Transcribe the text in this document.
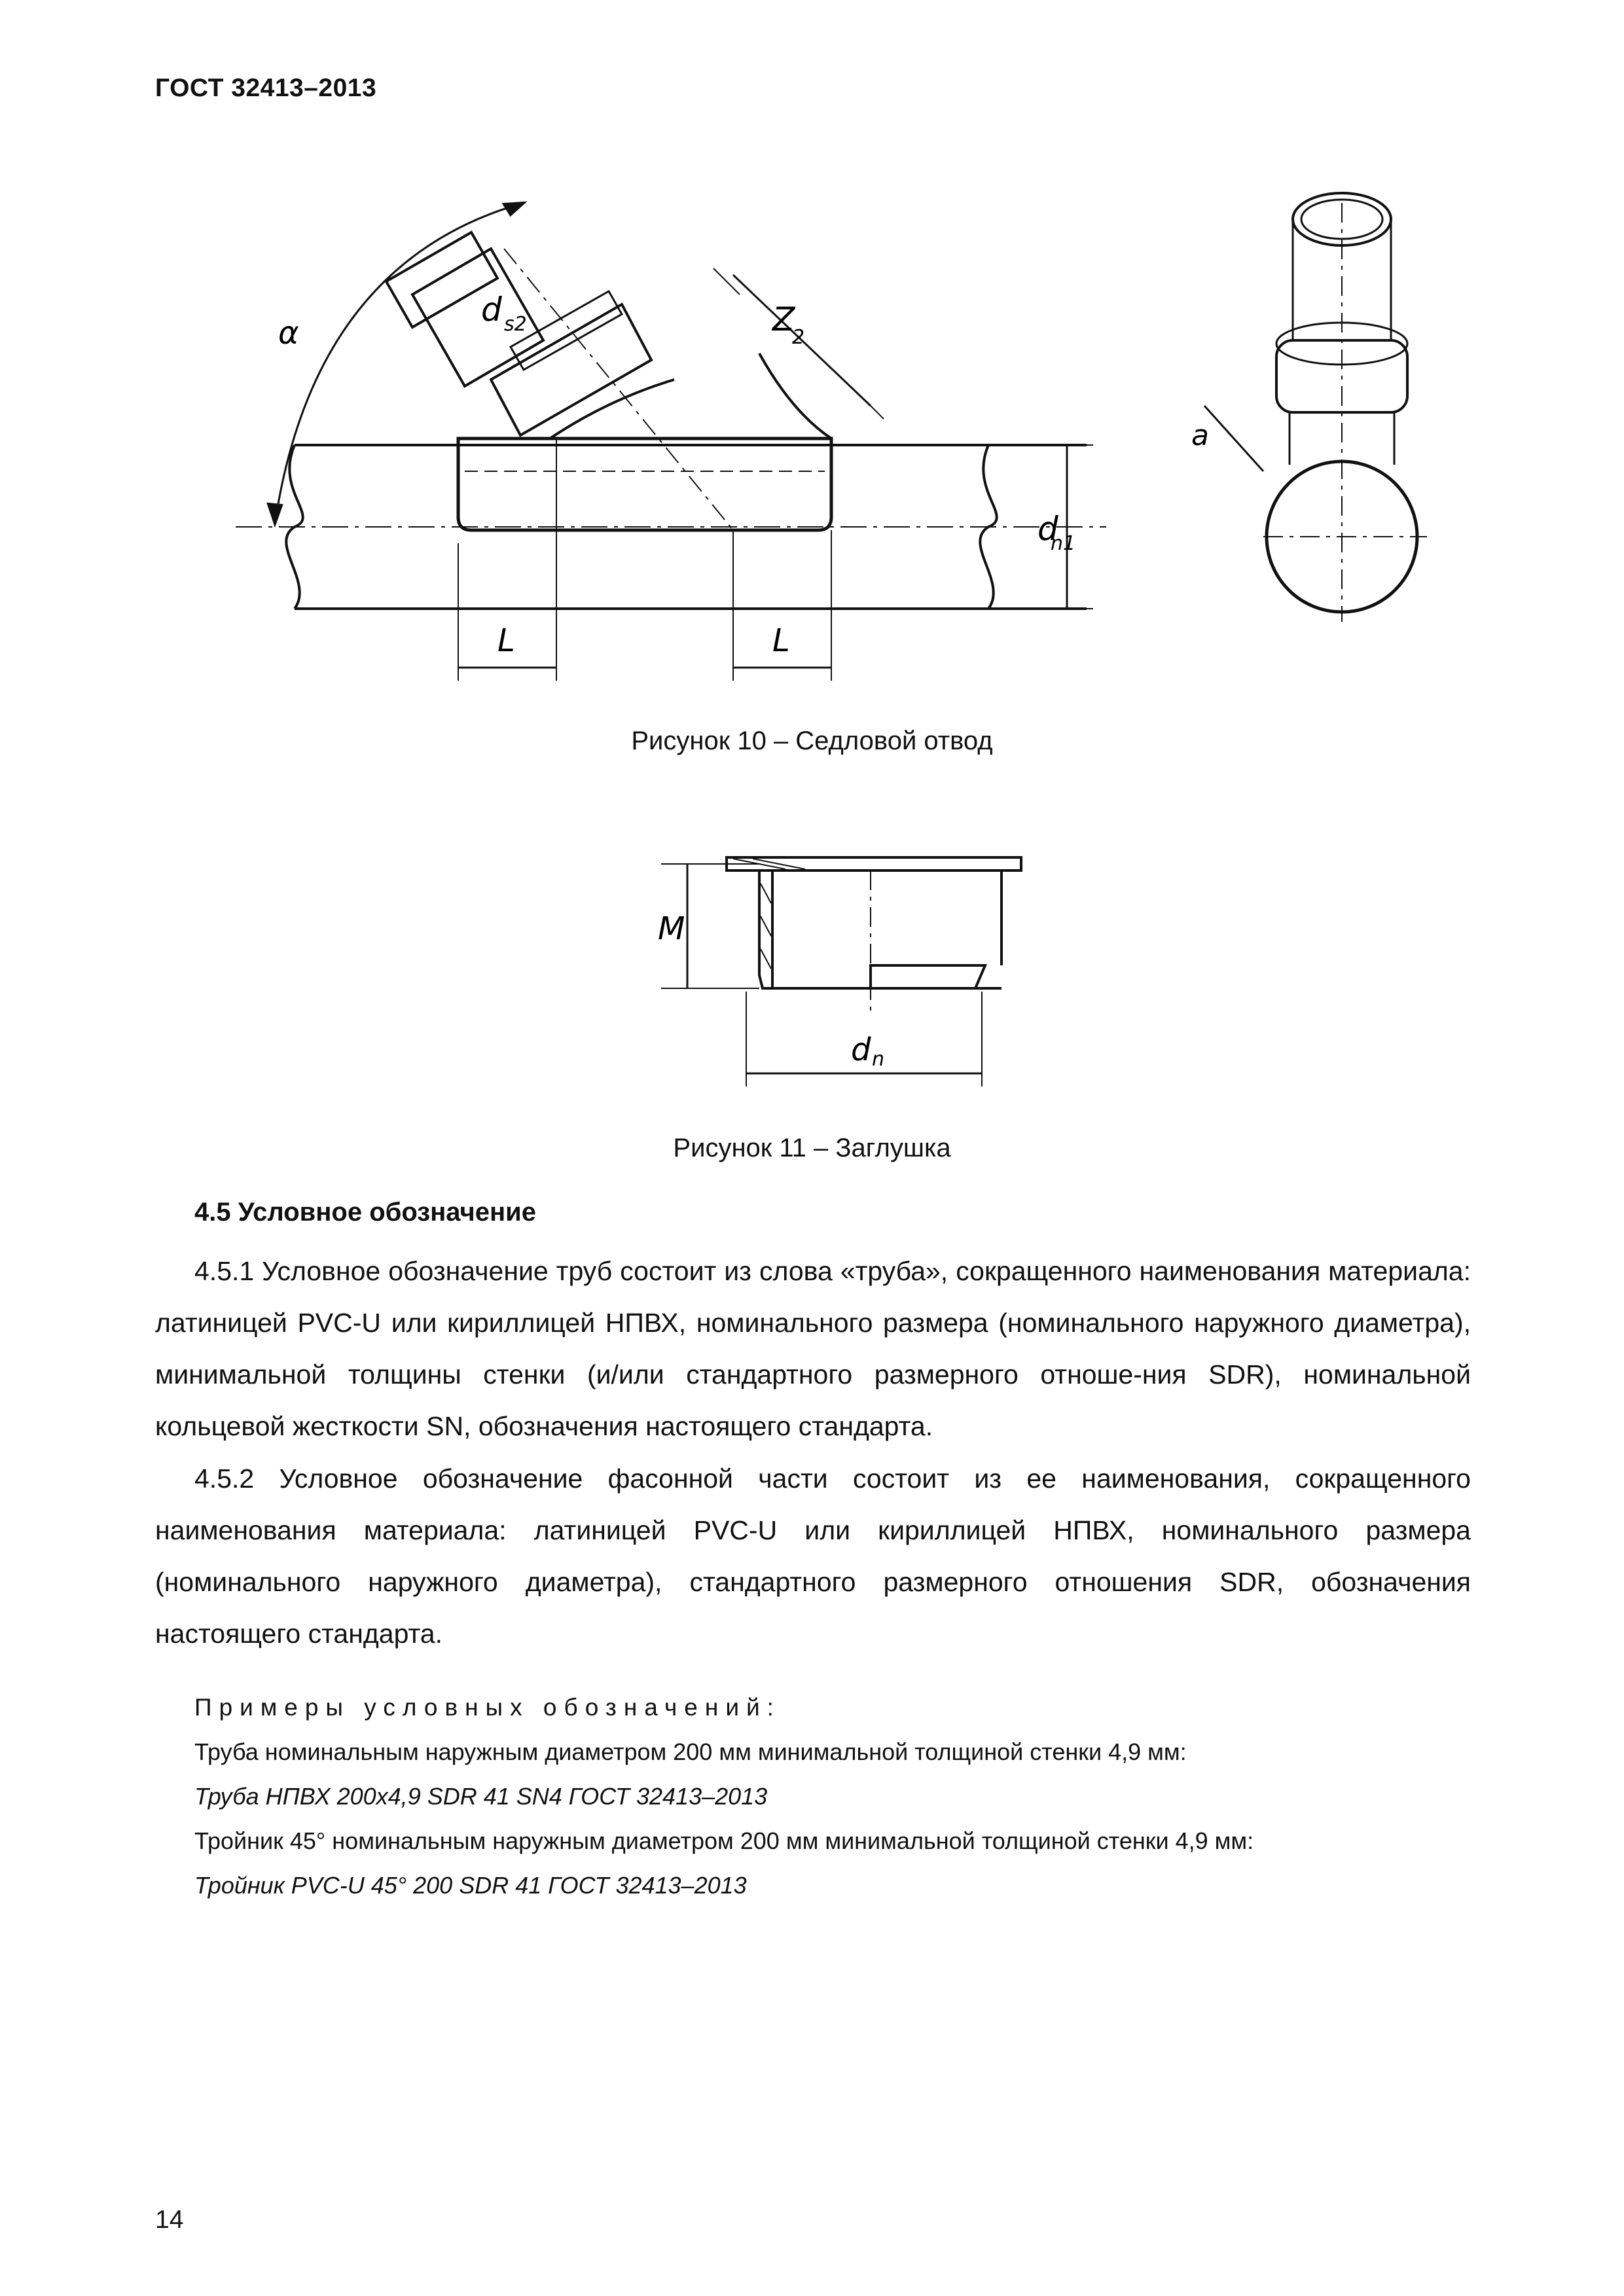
ГОСТ 32413–2013
α
d s2	Z
2
d
n1
L	L
a
Рисунок 10 – Седловой отвод
M
d n
Рисунок 11 – Заглушка
4.5 Условное обозначение

4.5.1 Условное обозначение труб состоит из слова «труба», сокращенного наименования материала: латиницей PVC-U или кириллицей НПВХ, номинального размера (номинального наружного диаметра), минимальной толщины стенки (и/или стандартного размерного отноше-ния SDR), номинальной кольцевой жесткости SN, обозначения настоящего стандарта.

4.5.2 Условное обозначение фасонной части состоит из ее наименования, сокращенного наименования материала: латиницей PVC-U или кириллицей НПВХ, номинального размера (номинального наружного диаметра), стандартного размерного отношения SDR, обозначения настоящего стандарта.

Примеры условных обозначений:
Труба номинальным наружным диаметром 200 мм минимальной толщиной стенки 4,9 мм:
Труба НПВХ 200х4,9 SDR 41 SN4 ГОСТ 32413–2013
Тройник 45° номинальным наружным диаметром 200 мм минимальной толщиной стенки 4,9 мм:
Тройник PVC-U 45° 200 SDR 41 ГОСТ 32413–2013
14
